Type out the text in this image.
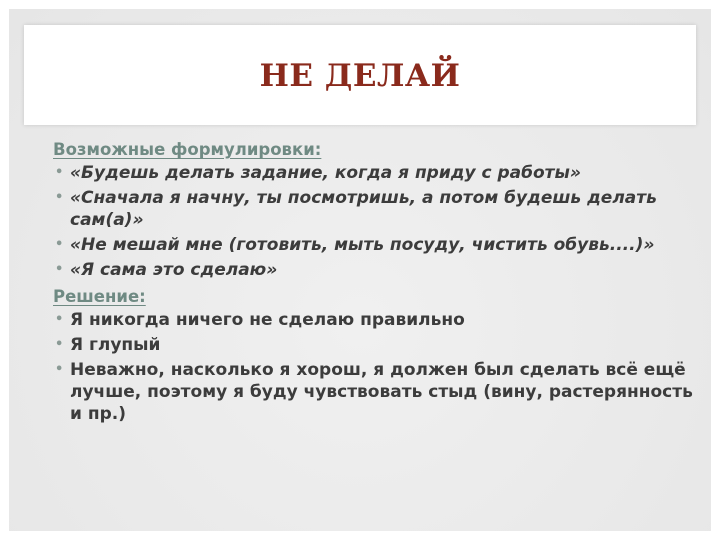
НЕ ДЕЛАЙ
Возможные формулировки:
• «Будешь делать задание, когда я приду с работы»
• «Сначала я начну, ты посмотришь, а потом будешь делать сам(а)»
• «Не мешай мне (готовить, мыть посуду, чистить обувь....)»
• «Я сама это сделаю»
Решение:
• Я никогда ничего не сделаю правильно
• Я глупый
• Неважно, насколько я хорош, я должен был сделать всё ещё лучше, поэтому я буду чувствовать стыд (вину, растерянность и пр.)
